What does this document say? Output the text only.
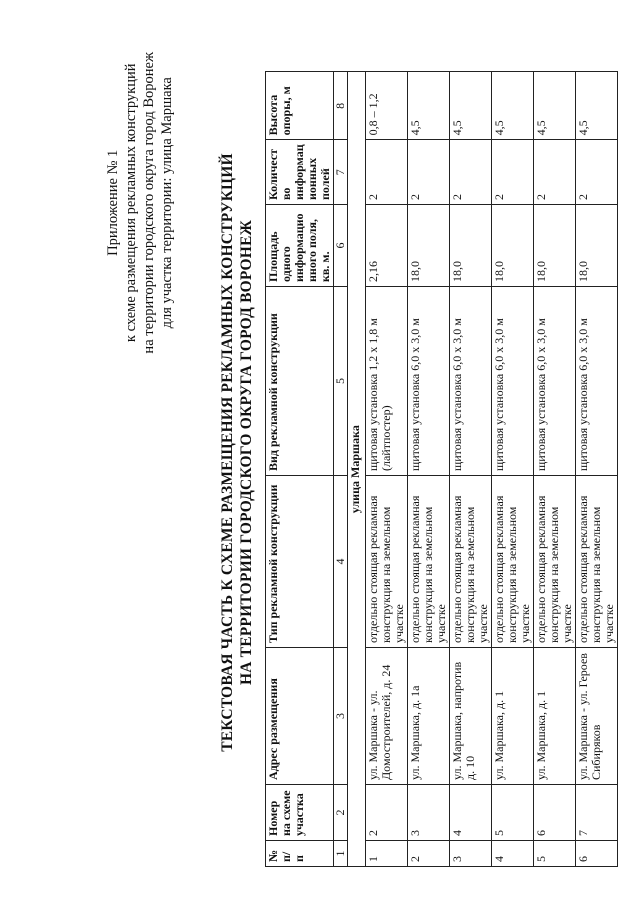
Приложение № 1 к схеме размещения рекламных конструкций на территории городского округа город Воронеж для участка территории: улица Маршака	ТЕКСТОВАЯ ЧАСТЬ К СХЕМЕ РАЗМЕЩЕНИЯ РЕКЛАМНЫХ КОНСТРУКЦИЙ НА ТЕРРИТОРИИ ГОРОДСКОГО ОКРУГА ГОРОД ВОРОНЕЖ
№ п/п	Номер на схеме участка	Адрес размещения	Тип рекламной конструкции	Вид рекламной конструкции	Площадь одного информацио нного поля, кв. м.	Количест во информац ионных полей	Высота опоры, м
1	2	3	4	5	6	7	8
улица Маршака							
1	2	ул. Маршака - ул. Домостроителей, д. 24	отдельно стоящая рекламная конструкция на земельном участке	щитовая установка 1,2 х 1,8 м (лайтпостер)	2,16	2	0,8 – 1,2
2	3	ул. Маршака, д. 1а	отдельно стоящая рекламная конструкция на земельном участке	щитовая установка 6,0 х 3,0 м	18,0	2	4,5
3	4	ул. Маршака, напротив д. 10	отдельно стоящая рекламная конструкция на земельном участке	щитовая установка 6,0 х 3,0 м	18,0	2	4,5
4	5	ул. Маршака, д. 1	отдельно стоящая рекламная конструкция на земельном участке	щитовая установка 6,0 х 3,0 м	18,0	2	4,5
5	6	ул. Маршака, д. 1	отдельно стоящая рекламная конструкция на земельном участке	щитовая установка 6,0 х 3,0 м	18,0	2	4,5
6	7	ул. Маршака - ул. Героев Сибиряков	отдельно стоящая рекламная конструкция на земельном участке	щитовая установка 6,0 х 3,0 м	18,0	2	4,5
